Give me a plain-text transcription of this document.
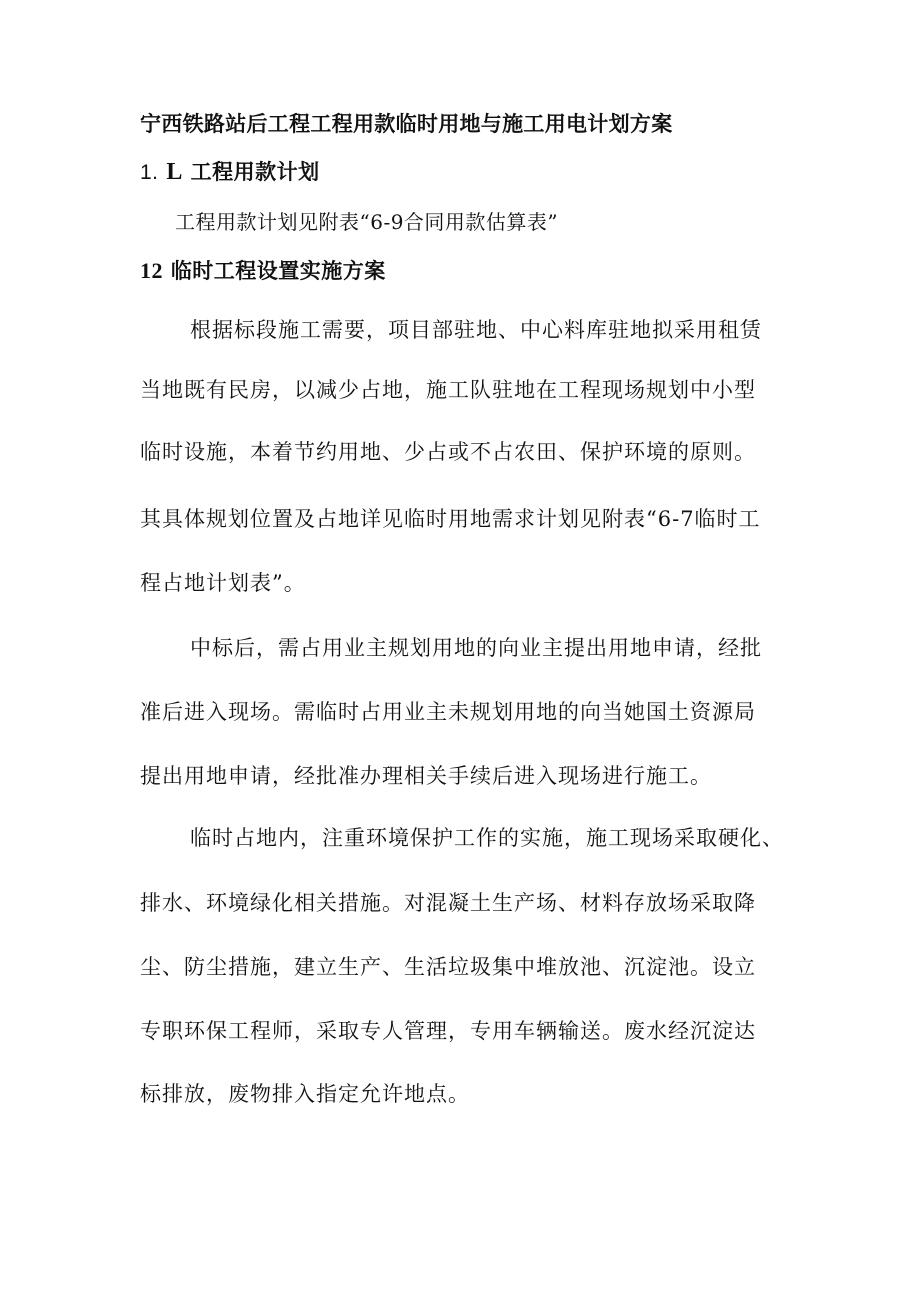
宁西铁路站后工程工程用款临时用地与施工用电计划方案
1. L 工程用款计划
工程用款计划见附表“6-9合同用款估算表”
12 临时工程设置实施方案
根据标段施工需要，项目部驻地、中心料库驻地拟采用租赁
当地既有民房，以减少占地，施工队驻地在工程现场规划中小型
临时设施，本着节约用地、少占或不占农田、保护环境的原则。
其具体规划位置及占地详见临时用地需求计划见附表“6-7临时工
程占地计划表”。
中标后，需占用业主规划用地的向业主提出用地申请，经批
准后进入现场。需临时占用业主未规划用地的向当她国土资源局
提出用地申请，经批准办理相关手续后进入现场进行施工。
临时占地内，注重环境保护工作的实施，施工现场采取硬化、
排水、环境绿化相关措施。对混凝土生产场、材料存放场采取降
尘、防尘措施，建立生产、生活垃圾集中堆放池、沉淀池。设立
专职环保工程师，采取专人管理，专用车辆输送。废水经沉淀达
标排放，废物排入指定允许地点。
